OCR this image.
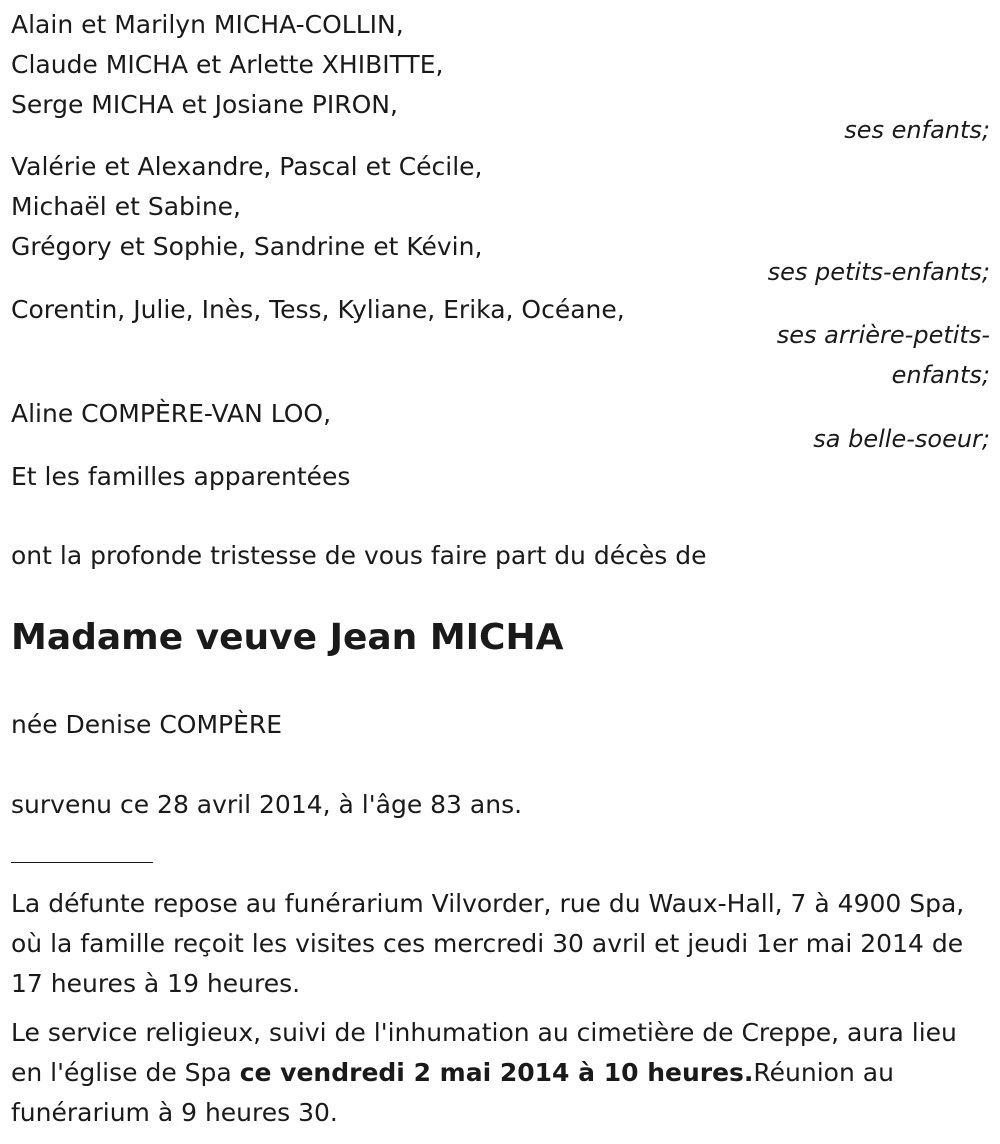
Alain et Marilyn MICHA-COLLIN,
Claude MICHA et Arlette XHIBITTE,
Serge MICHA et Josiane PIRON,
ses enfants;
Valérie et Alexandre, Pascal et Cécile,
Michaël et Sabine,
Grégory et Sophie, Sandrine et Kévin,
ses petits-enfants;
Corentin, Julie, Inès, Tess, Kyliane, Erika, Océane,
ses arrière-petits-
enfants;
Aline COMPÈRE-VAN LOO,
sa belle-soeur;
Et les familles apparentées
ont la profonde tristesse de vous faire part du décès de
Madame veuve Jean MICHA
née Denise COMPÈRE
survenu ce 28 avril 2014, à l'âge 83 ans.
La défunte repose au funérarium Vilvorder, rue du Waux-Hall, 7 à 4900 Spa, où la famille reçoit les visites ces mercredi 30 avril et jeudi 1er mai 2014 de 17 heures à 19 heures.
Le service religieux, suivi de l'inhumation au cimetière de Creppe, aura lieu en l'église de Spa ce vendredi 2 mai 2014 à 10 heures.Réunion au funérarium à 9 heures 30.
